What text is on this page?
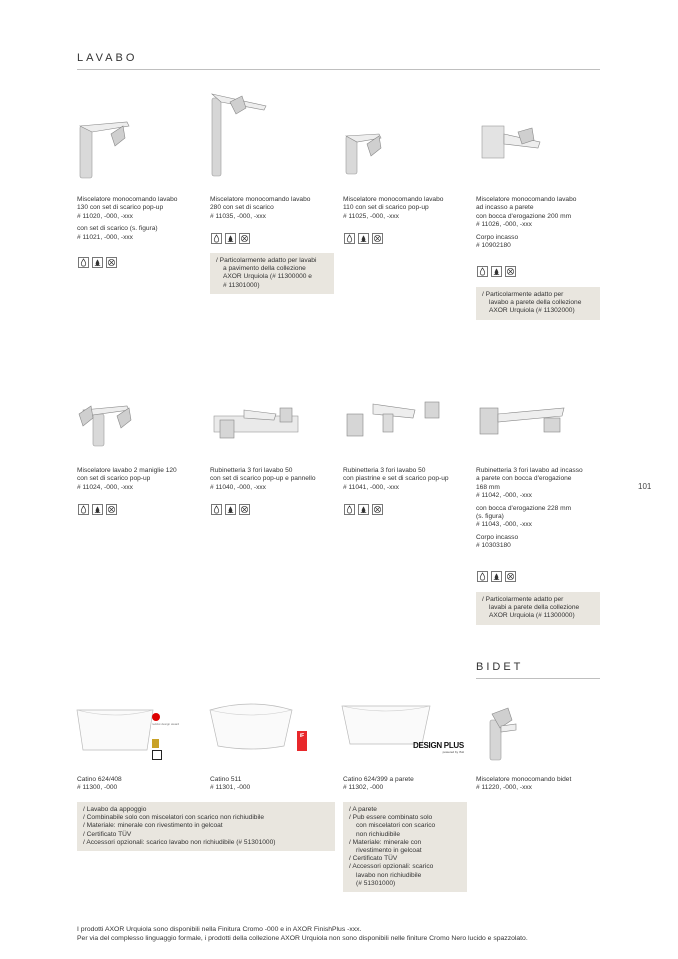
LAVABO
Miscelatore monocomando lavabo
130 con set di scarico pop-up
# 11020, -000, -xxx
con set di scarico (s. figura)
# 11021, -000, -xxx
Miscelatore monocomando lavabo
280 con set di scarico
# 11035, -000, -xxx
/ Particolarmente adatto per lavabi
a pavimento della collezione
AXOR Urquiola (# 11300000 e
# 11301000)
Miscelatore monocomando lavabo
110 con set di scarico pop-up
# 11025, -000, -xxx
Miscelatore monocomando lavabo
ad incasso a parete
con bocca d'erogazione 200 mm
# 11026, -000, -xxx
Corpo incasso
# 10902180
/ Particolarmente adatto per
lavabo a parete della collezione
AXOR Urquiola (# 11302000)
Miscelatore lavabo 2 maniglie 120
con set di scarico pop-up
# 11024, -000, -xxx
Rubinetteria 3 fori lavabo 50
con set di scarico pop-up e pannello
# 11040, -000, -xxx
Rubinetteria 3 fori lavabo 50
con piastrine e set di scarico pop-up
# 11041, -000, -xxx
Rubinetteria 3 fori lavabo ad incasso
a parete con bocca d'erogazione
168 mm
# 11042, -000, -xxx
con bocca d'erogazione 228 mm
(s. figura)
# 11043, -000, -xxx
Corpo incasso
# 10303180
/ Particolarmente adatto per
lavabi a parete della collezione
AXOR Urquiola (# 11300000)
101
BIDET
reddot design award
iF
DESIGN PLUS
powered by ISH
Catino 624/408
# 11300, -000
Catino 511
# 11301, -000
Catino 624/399 a parete
# 11302, -000
Miscelatore monocomando bidet
# 11220, -000, -xxx
/ Lavabo da appoggio
/ Combinabile solo con miscelatori con scarico non richiudibile
/ Materiale: minerale con rivestimento in gelcoat
/ Certificato TÜV
/ Accessori opzionali: scarico lavabo non richiudibile (# 51301000)
/ A parete
/ Pub essere combinato solo
con miscelatori con scarico
non richiudibile
/ Materiale: minerale con
rivestimento in gelcoat
/ Certificato TÜV
/ Accessori opzionali: scarico
lavabo non richiudibile
(# 51301000)
I prodotti AXOR Urquiola sono disponibili nella Finitura Cromo -000 e in AXOR FinishPlus -xxx.
Per via del complesso linguaggio formale, i prodotti della collezione AXOR Urquiola non sono disponibili nelle finiture Cromo Nero lucido e spazzolato.
